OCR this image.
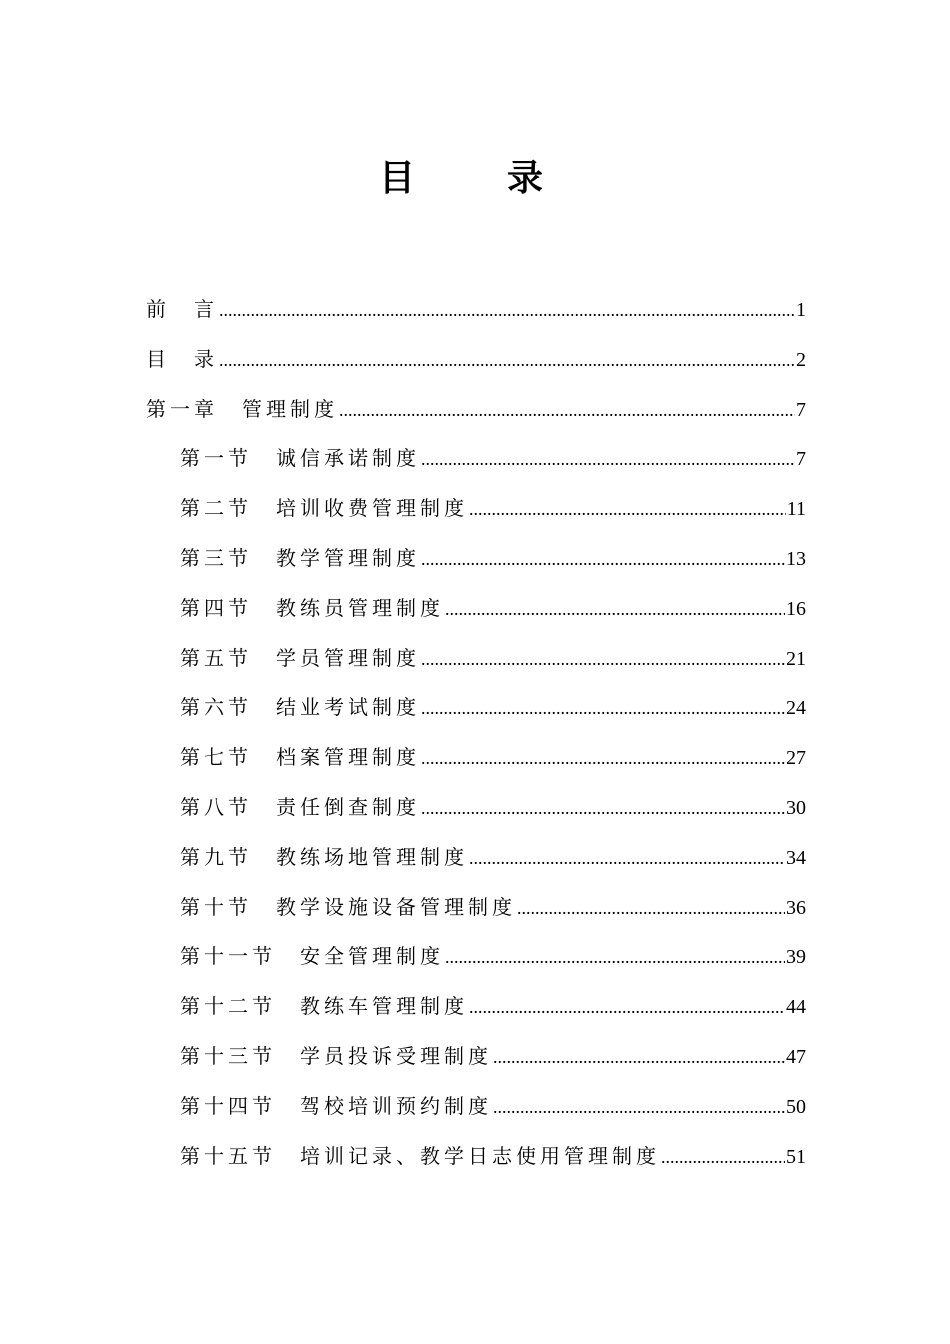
目　录
前　言 .....	1
目　录 .....	2
第一章　管理制度 .....	7
第一节　诚信承诺制度 .....	7
第二节　培训收费管理制度 .....	11
第三节　教学管理制度 .....	13
第四节　教练员管理制度 .....	16
第五节　学员管理制度 .....	21
第六节　结业考试制度 .....	24
第七节　档案管理制度 .....	27
第八节　责任倒查制度 .....	30
第九节　教练场地管理制度 .....	34
第十节　教学设施设备管理制度 .....	36
第十一节　安全管理制度 .....	39
第十二节　教练车管理制度 .....	44
第十三节　学员投诉受理制度 .....	47
第十四节　驾校培训预约制度 .....	50
第十五节　培训记录、教学日志使用管理制度 .....	51
